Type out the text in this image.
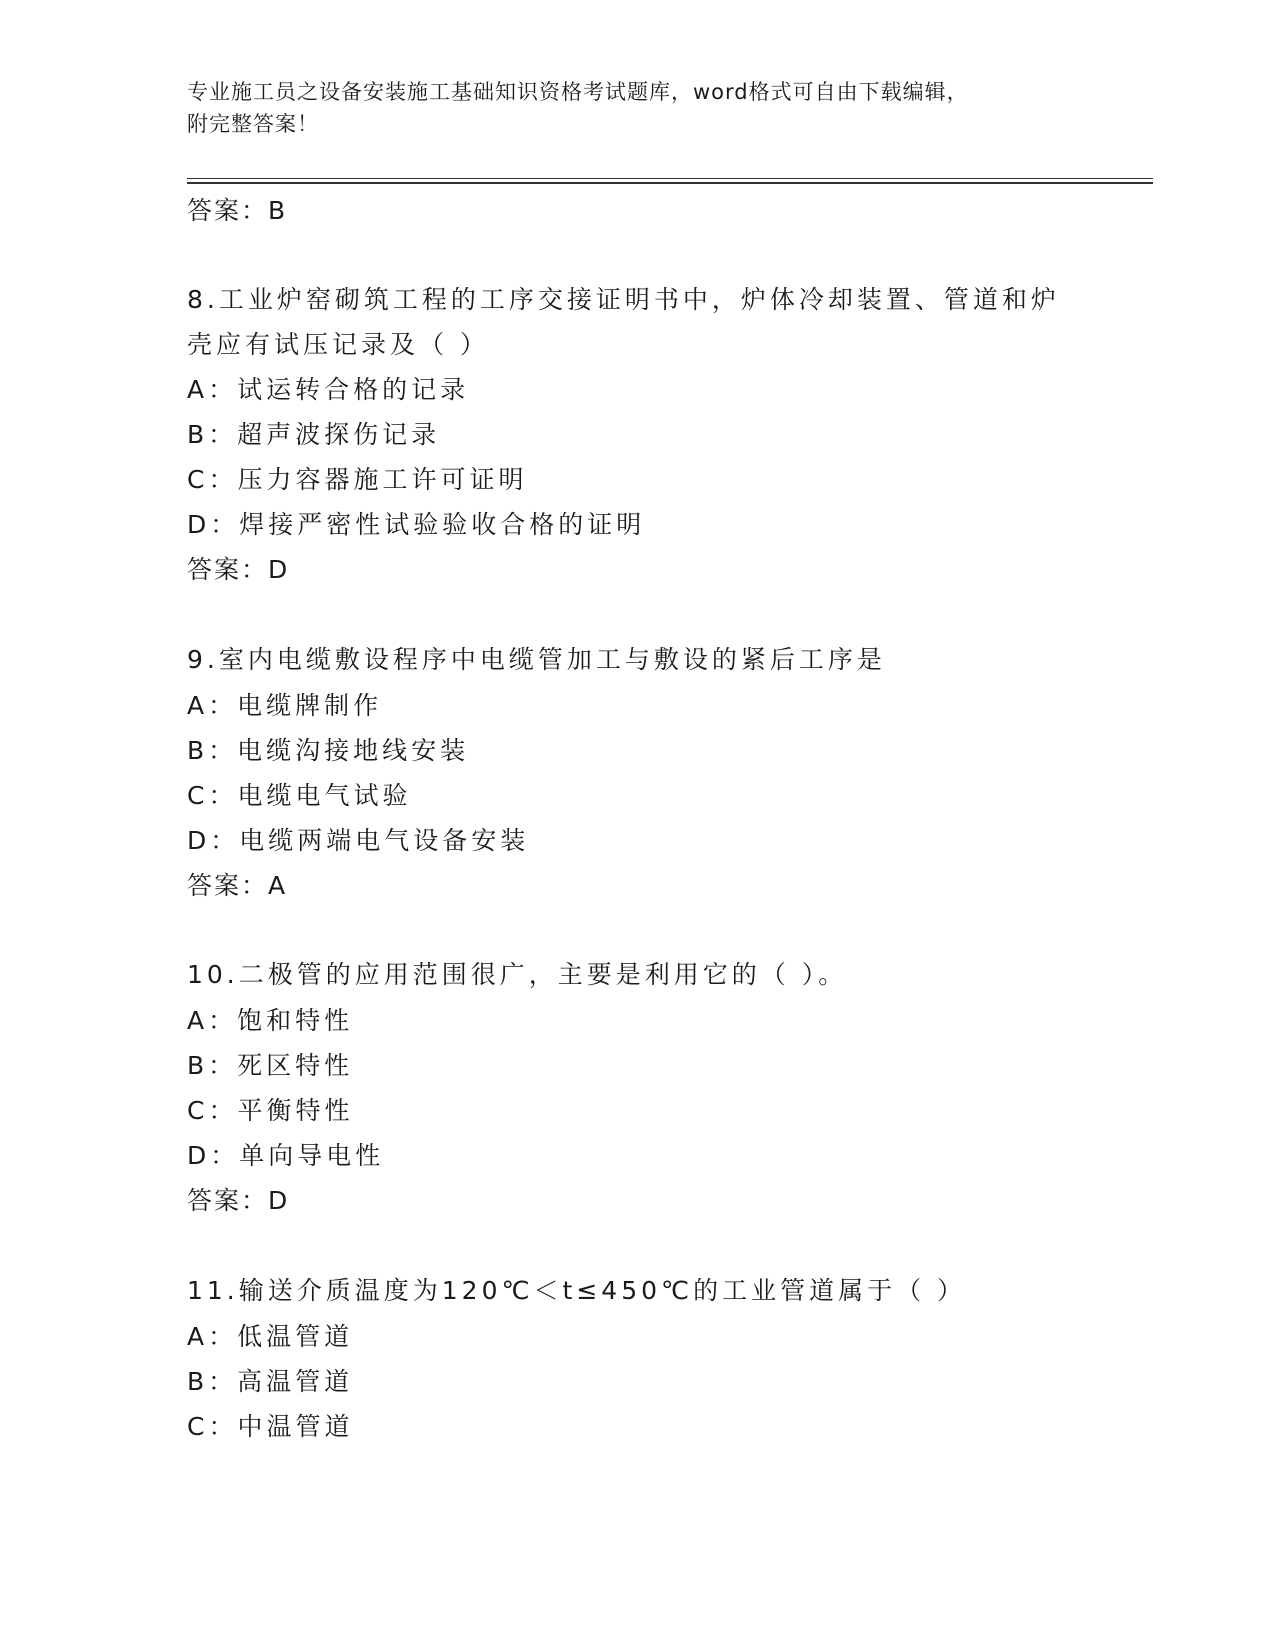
专业施工员之设备安装施工基础知识资格考试题库，word格式可自由下载编辑，
附完整答案！
答案：B
8.工业炉窑砌筑工程的工序交接证明书中，炉体冷却装置、管道和炉
壳应有试压记录及（ ）
A：试运转合格的记录
B：超声波探伤记录
C：压力容器施工许可证明
D：焊接严密性试验验收合格的证明
答案：D
9.室内电缆敷设程序中电缆管加工与敷设的紧后工序是
A：电缆牌制作
B：电缆沟接地线安装
C：电缆电气试验
D：电缆两端电气设备安装
答案：A
10.二极管的应用范围很广，主要是利用它的（ ）。
A：饱和特性
B：死区特性
C：平衡特性
D：单向导电性
答案：D
11.输送介质温度为120℃＜t≤450℃的工业管道属于（ ）
A：低温管道
B：高温管道
C：中温管道
